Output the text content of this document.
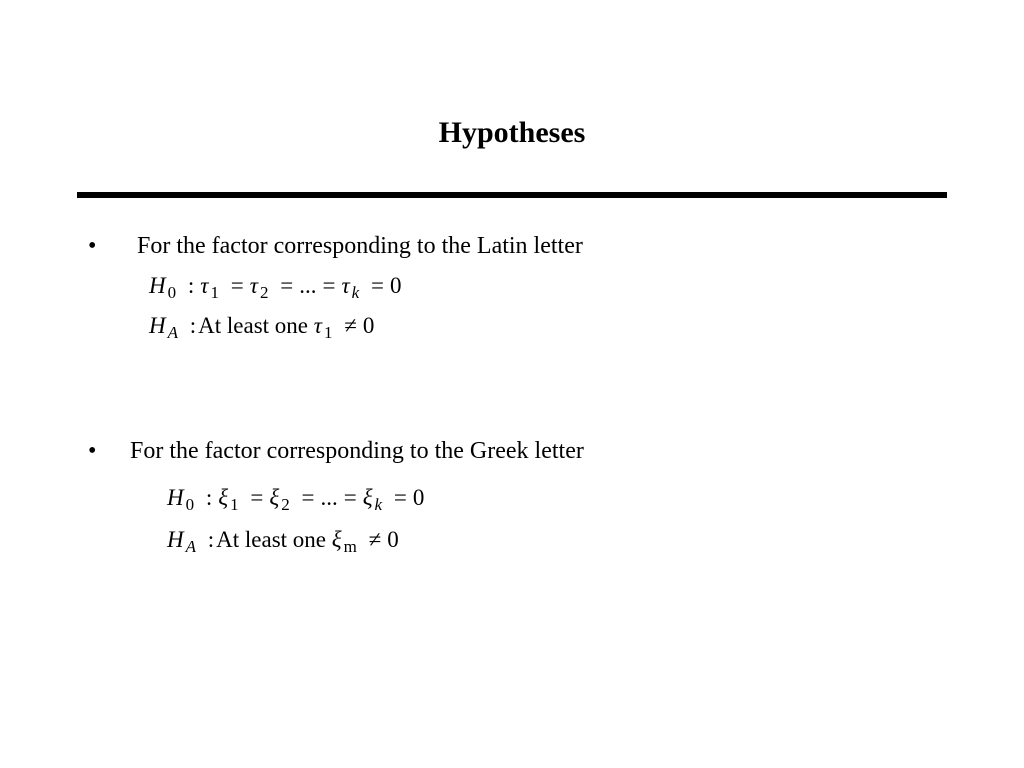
Hypotheses
• For the factor corresponding to the Latin letter
H $_0$ : τ $_1$ = τ $_2$ = ... = τ $_k$ = 0
H $_A$ :At least one τ $_1$ ≠ 0
• For the factor corresponding to the Greek letter
H $_0$ : ξ $_1$ = ξ $_2$ = ... = ξ $_k$ = 0
H $_A$ :At least one ξ $_m$ ≠ 0
